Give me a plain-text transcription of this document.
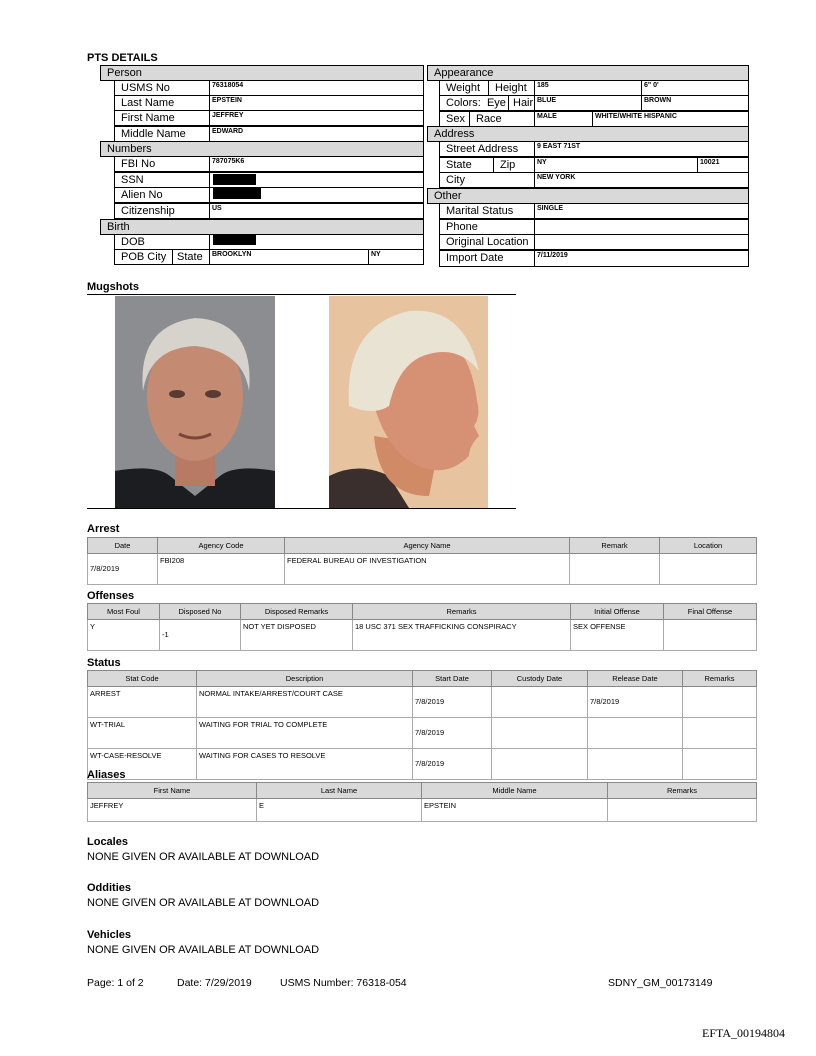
PTS DETAILS
Person
USMS No	76318054
Last Name	EPSTEIN
First Name	JEFFREY
Middle Name	EDWARD
Numbers
FBI No	787075K6
SSN
Alien No
Citizenship	US
Birth
DOB
POB City State	BROOKLYN	NY
Appearance
Weight	Height	185	6" 0'
Colors: Eye Hair BLUE	BROWN
Sex	Race	MALE	WHITE/WHITE HISPANIC
Address
Street Address	9 EAST 71ST
State	Zip	NY	10021
City	NEW YORK
Other
Marital Status	SINGLE
Phone
Original Location
Import Date	7/11/2019
Mugshots
Arrest
Date	Agency Code	Agency Name	Remark	Location
7/8/2019	FBI208	FEDERAL BUREAU OF INVESTIGATION		
Offenses
Most Foul	Disposed No	Disposed Remarks	Remarks	Initial Offense	Final Offense
Y	-1	NOT YET DISPOSED	18 USC 371 SEX TRAFFICKING CONSPIRACY	SEX OFFENSE	
Status
Stat Code	Description	Start Date	Custody Date	Release Date	Remarks
ARREST	NORMAL INTAKE/ARREST/COURT CASE	7/8/2019		7/8/2019	
WT-TRIAL	WAITING FOR TRIAL TO COMPLETE	7/8/2019			
WT-CASE-RESOLVE	WAITING FOR CASES TO RESOLVE	7/8/2019			
Aliases
First Name	Last Name	Middle Name	Remarks
JEFFREY	E	EPSTEIN	
Locales
NONE GIVEN OR AVAILABLE AT DOWNLOAD
Oddities
NONE GIVEN OR AVAILABLE AT DOWNLOAD
Vehicles
NONE GIVEN OR AVAILABLE AT DOWNLOAD
Page: 1 of 2	Date: 7/29/2019	USMS Number: 76318-054	SDNY_GM_00173149
EFTA_00194804
